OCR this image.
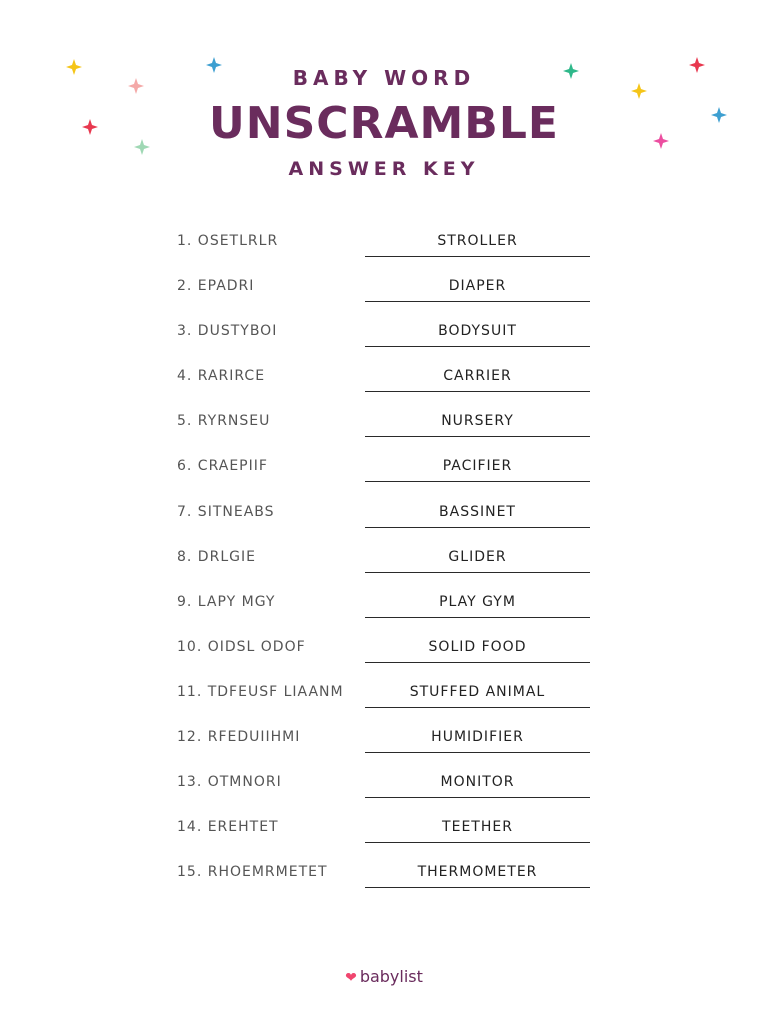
BABY WORD
UNSCRAMBLE
ANSWER KEY
1. OSETLRLR	STROLLER
2. EPADRI	DIAPER
3. DUSTYBOI	BODYSUIT
4. RARIRCE	CARRIER
5. RYRNSEU	NURSERY
6. CRAEPIIF	PACIFIER
7. SITNEABS	BASSINET
8. DRLGIE	GLIDER
9. LAPY MGY	PLAY GYM
10. OIDSL ODOF	SOLID FOOD
11. TDFEUSF LIAANM	STUFFED ANIMAL
12. RFEDUIIHMI	HUMIDIFIER
13. OTMNORI	MONITOR
14. EREHTET	TEETHER
15. RHOEMRMETET	THERMOMETER
❤ babylist
